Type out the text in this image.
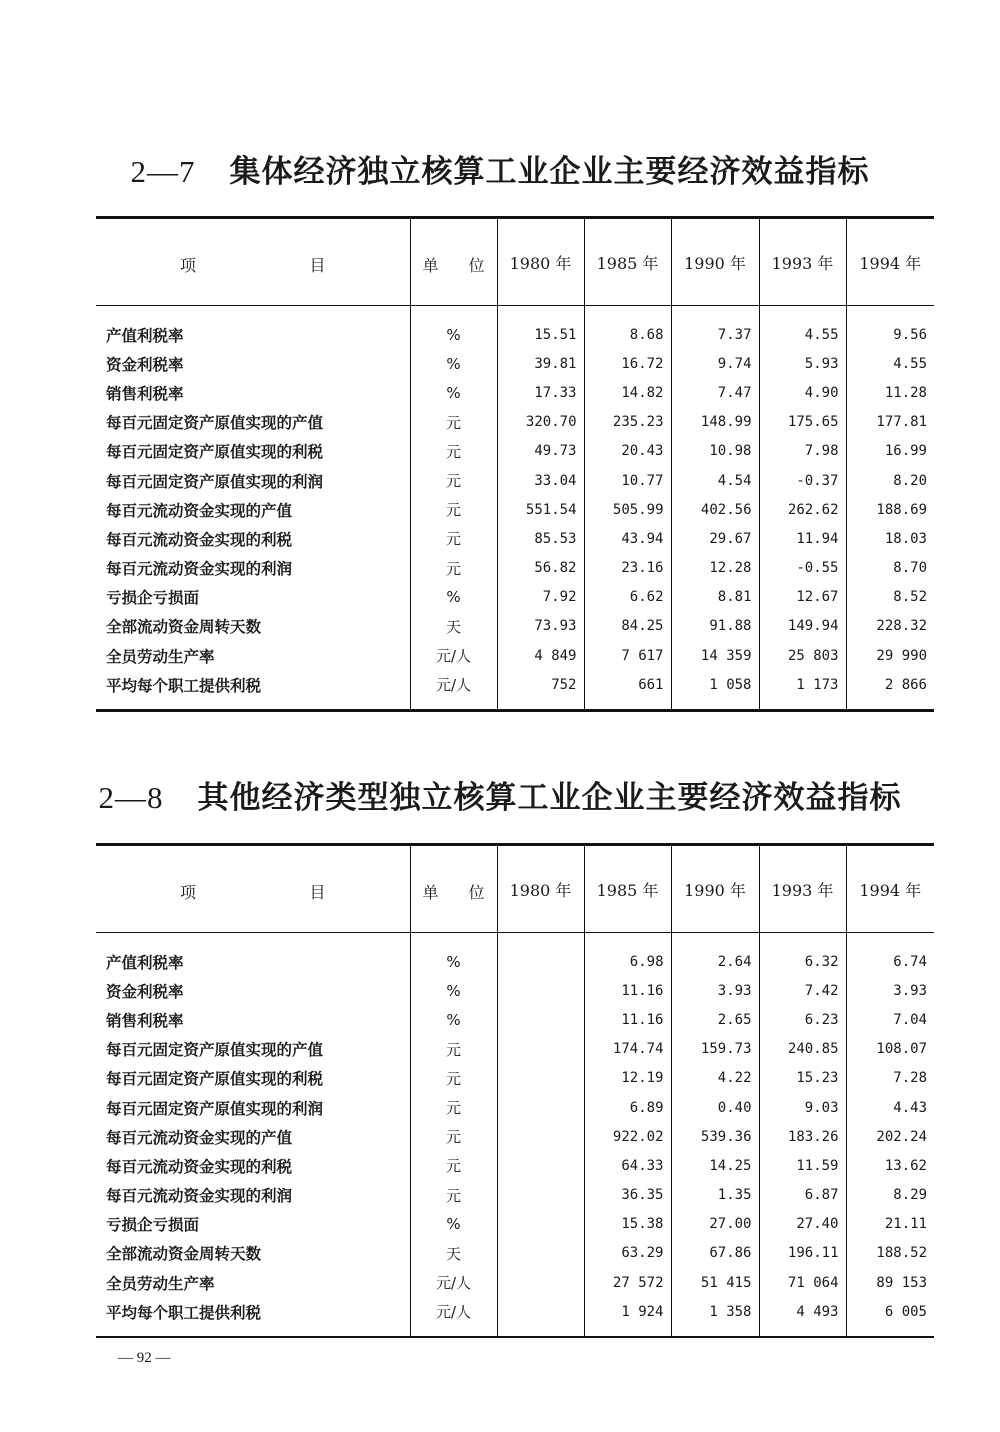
2—7 集体经济独立核算工业企业主要经济效益指标
项 目	单 位	1980 年	1985 年	1990 年	1993 年	1994 年
产值利税率	%	15.51	8.68	7.37	4.55	9.56
资金利税率	%	39.81	16.72	9.74	5.93	4.55
销售利税率	%	17.33	14.82	7.47	4.90	11.28
每百元固定资产原值实现的产值	元	320.70	235.23	148.99	175.65	177.81
每百元固定资产原值实现的利税	元	49.73	20.43	10.98	7.98	16.99
每百元固定资产原值实现的利润	元	33.04	10.77	4.54	-0.37	8.20
每百元流动资金实现的产值	元	551.54	505.99	402.56	262.62	188.69
每百元流动资金实现的利税	元	85.53	43.94	29.67	11.94	18.03
每百元流动资金实现的利润	元	56.82	23.16	12.28	-0.55	8.70
亏损企亏损面	%	7.92	6.62	8.81	12.67	8.52
全部流动资金周转天数	天	73.93	84.25	91.88	149.94	228.32
全员劳动生产率	元/人	4 849	7 617	14 359	25 803	29 990
平均每个职工提供利税	元/人	752	661	1 058	1 173	2 866
2—8 其他经济类型独立核算工业企业主要经济效益指标
项 目	单 位	1980 年	1985 年	1990 年	1993 年	1994 年
产值利税率	%		6.98	2.64	6.32	6.74
资金利税率	%		11.16	3.93	7.42	3.93
销售利税率	%		11.16	2.65	6.23	7.04
每百元固定资产原值实现的产值	元		174.74	159.73	240.85	108.07
每百元固定资产原值实现的利税	元		12.19	4.22	15.23	7.28
每百元固定资产原值实现的利润	元		6.89	0.40	9.03	4.43
每百元流动资金实现的产值	元		922.02	539.36	183.26	202.24
每百元流动资金实现的利税	元		64.33	14.25	11.59	13.62
每百元流动资金实现的利润	元		36.35	1.35	6.87	8.29
亏损企亏损面	%		15.38	27.00	27.40	21.11
全部流动资金周转天数	天		63.29	67.86	196.11	188.52
全员劳动生产率	元/人		27 572	51 415	71 064	89 153
平均每个职工提供利税	元/人		1 924	1 358	4 493	6 005
— 92 —
